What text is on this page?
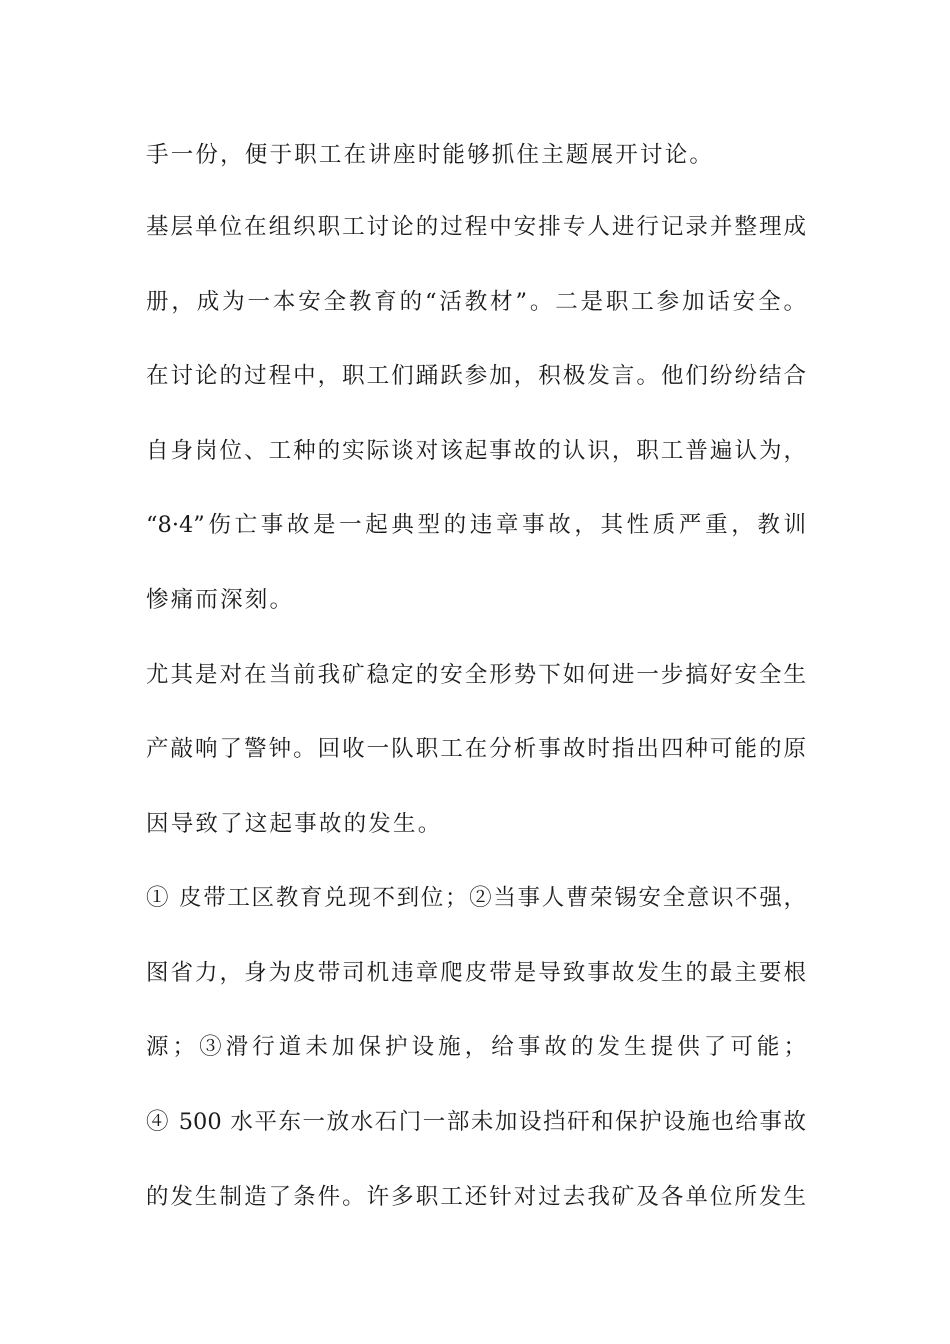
手一份，便于职工在讲座时能够抓住主题展开讨论。
基层单位在组织职工讨论的过程中安排专人进行记录并整理成
册，成为一本安全教育的“活教材”。二是职工参加话安全。
在讨论的过程中，职工们踊跃参加，积极发言。他们纷纷结合
自身岗位、工种的实际谈对该起事故的认识，职工普遍认为，
“8·4”伤亡事故是一起典型的违章事故，其性质严重，教训
惨痛而深刻。
尤其是对在当前我矿稳定的安全形势下如何进一步搞好安全生
产敲响了警钟。回收一队职工在分析事故时指出四种可能的原
因导致了这起事故的发生。
① 皮带工区教育兑现不到位；②当事人曹荣锡安全意识不强，
图省力，身为皮带司机违章爬皮带是导致事故发生的最主要根
源；③滑行道未加保护设施，给事故的发生提供了可能；
④ 500 水平东一放水石门一部未加设挡矸和保护设施也给事故
的发生制造了条件。许多职工还针对过去我矿及各单位所发生
